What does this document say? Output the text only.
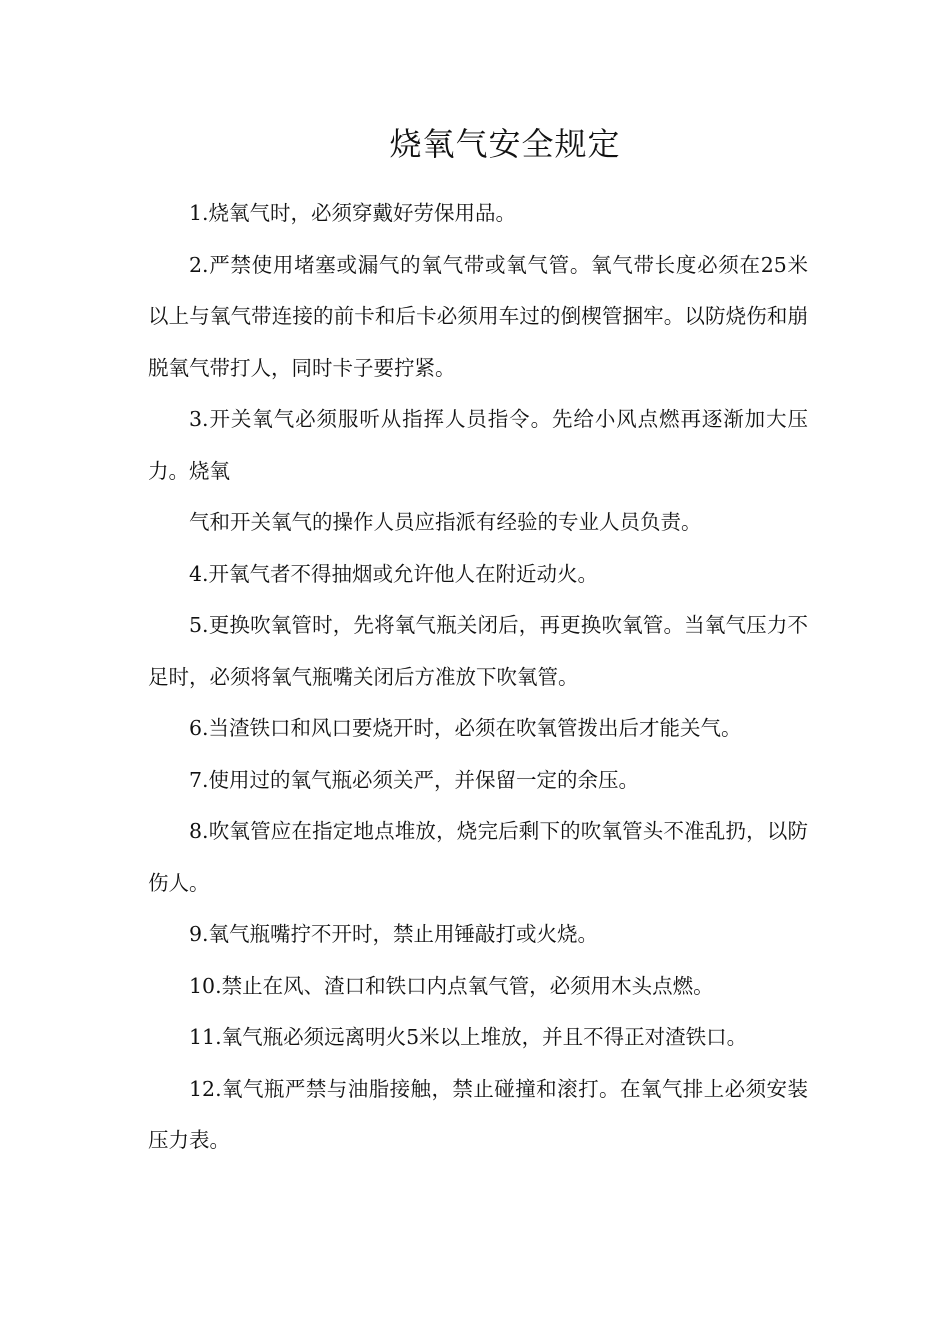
烧氧气安全规定

1.烧氧气时，必须穿戴好劳保用品。

2.严禁使用堵塞或漏气的氧气带或氧气管。氧气带长度必须在25米以上与氧气带连接的前卡和后卡必须用车过的倒楔管捆牢。以防烧伤和崩脱氧气带打人，同时卡子要拧紧。

3.开关氧气必须服听从指挥人员指令。先给小风点燃再逐渐加大压力。烧氧

气和开关氧气的操作人员应指派有经验的专业人员负责。

4.开氧气者不得抽烟或允许他人在附近动火。

5.更换吹氧管时，先将氧气瓶关闭后，再更换吹氧管。当氧气压力不足时，必须将氧气瓶嘴关闭后方准放下吹氧管。

6.当渣铁口和风口要烧开时，必须在吹氧管拨出后才能关气。

7.使用过的氧气瓶必须关严，并保留一定的余压。

8.吹氧管应在指定地点堆放，烧完后剩下的吹氧管头不准乱扔，以防伤人。

9.氧气瓶嘴拧不开时，禁止用锤敲打或火烧。

10.禁止在风、渣口和铁口内点氧气管，必须用木头点燃。

11.氧气瓶必须远离明火5米以上堆放，并且不得正对渣铁口。

12.氧气瓶严禁与油脂接触，禁止碰撞和滚打。在氧气排上必须安装压力表。
